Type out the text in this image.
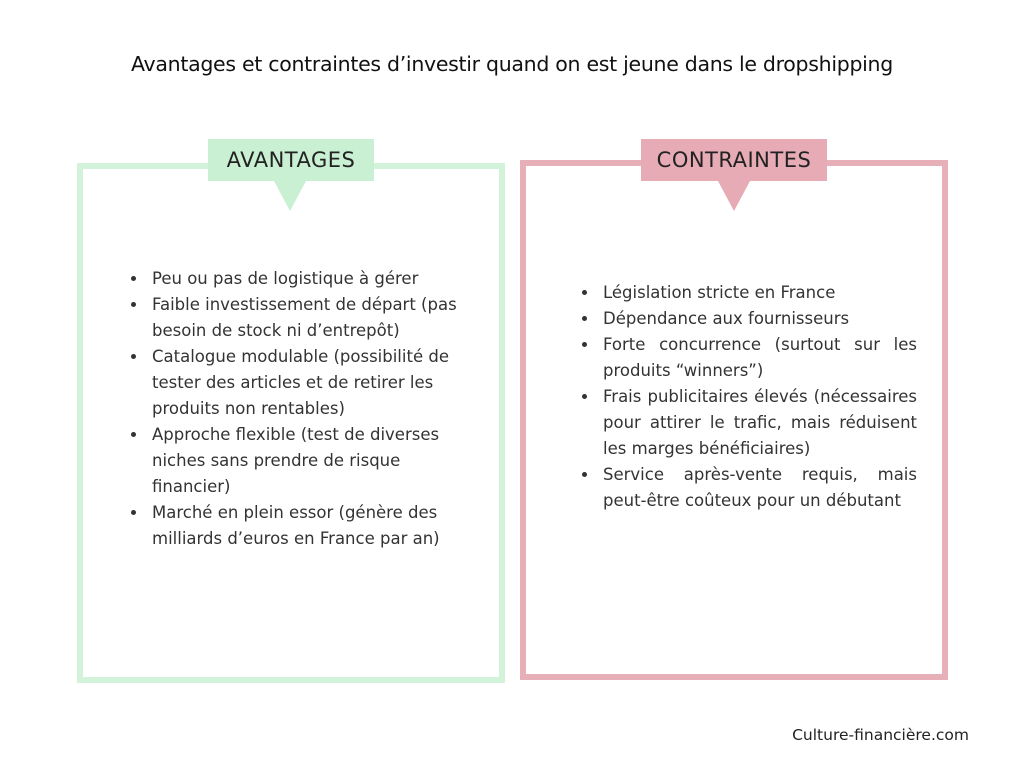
Avantages et contraintes d’investir quand on est jeune dans le dropshipping
AVANTAGES	CONTRAINTES
• Peu ou pas de logistique à gérer
• Faible investissement de départ (pas besoin de stock ni d’entrepôt)
• Catalogue modulable (possibilité de tester des articles et de retirer les produits non rentables)
• Approche flexible (test de diverses niches sans prendre de risque financier)
• Marché en plein essor (génère des milliards d’euros en France par an)
• Législation stricte en France
• Dépendance aux fournisseurs
• Forte concurrence (surtout sur les produits “winners”)
• Frais publicitaires élevés (nécessaires pour attirer le trafic, mais réduisent les marges bénéficiaires)
• Service après-vente requis, mais peut-être coûteux pour un débutant
Culture-financière.com
